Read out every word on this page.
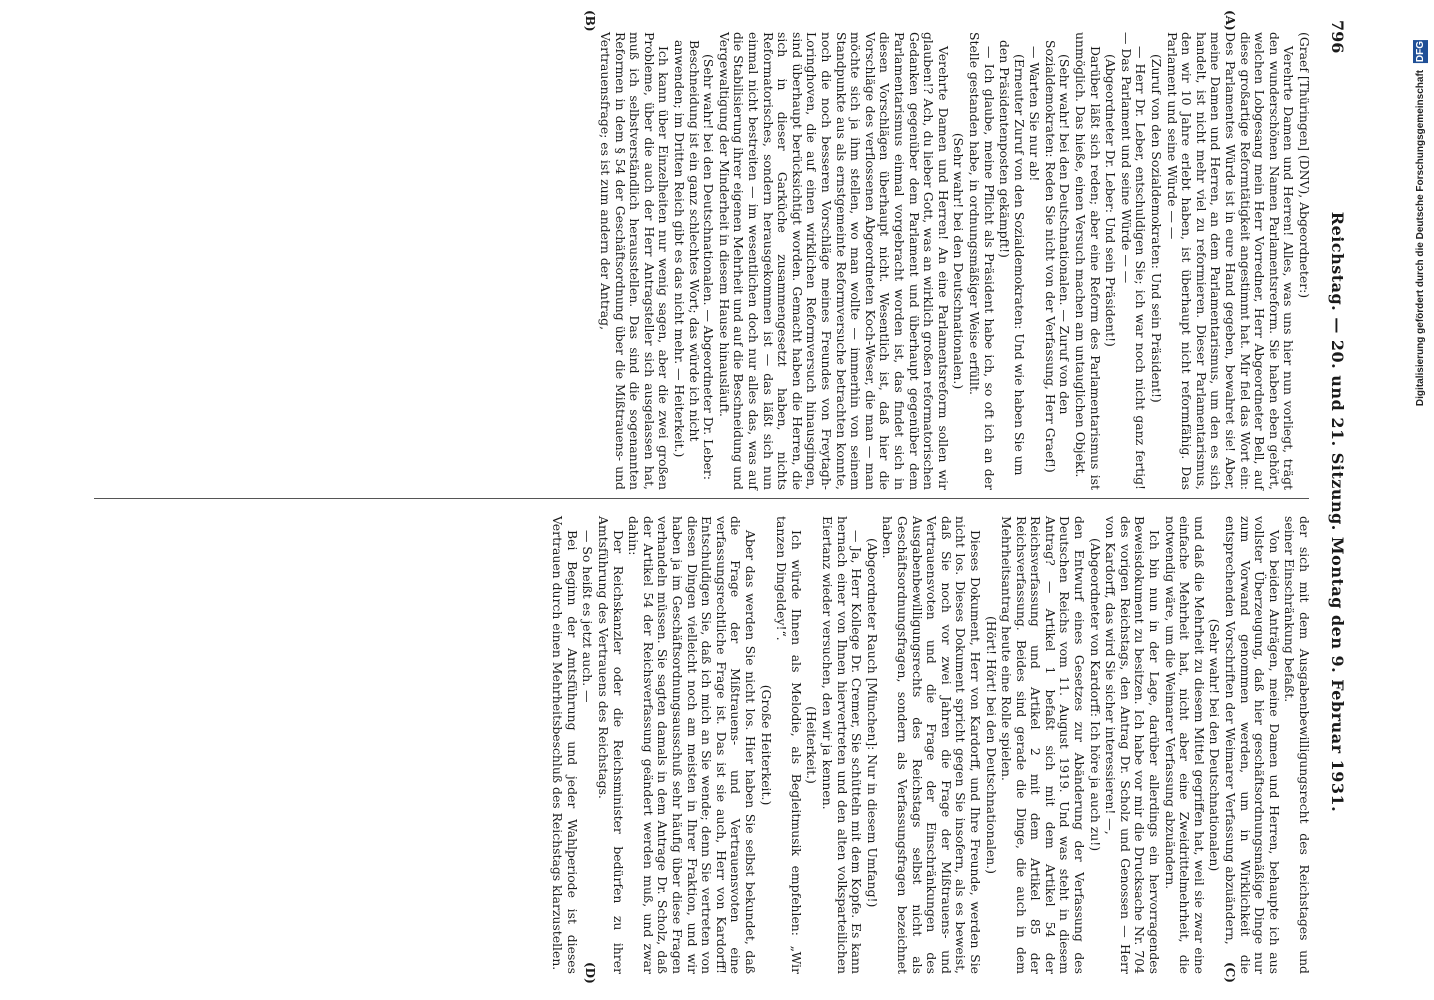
796
Reichstag. — 20. und 21. Sitzung. Montag den 9. Februar 1931.
(A)
(B)
(C)
(D)

(Graef [Thüringen] (DNV), Abgeordneter:)

Verehrte Damen und Herren! Alles, was uns hier nun vorliegt, trägt den wunderschönen Namen Parlamentsreform. Sie haben eben gehört, welchen Lobgesang mein Herr Vorredner, Herr Abgeordneter Bell, auf diese großartige Reformtätigkeit angestimmt hat. Mir fiel das Wort ein: Des Parlamentes Würde ist in eure Hand gegeben, bewahret sie! Aber, meine Damen und Herren, an dem Parlamentarismus, um den es sich handelt, ist nicht mehr viel zu reformieren. Dieser Parlamentarismus, den wir 10 Jahre erlebt haben, ist überhaupt nicht reformfähig. Das Parlament und seine Würde — —

(Zuruf von den Sozialdemokraten: Und sein Präsident!)

— Herr Dr. Leber, entschuldigen Sie; ich war noch nicht ganz fertig! — Das Parlament und seine Würde — —

(Abgeordneter Dr. Leber: Und sein Präsident!)

Darüber läßt sich reden; aber eine Reform des Parlamentarismus ist unmöglich. Das hieße, einen Versuch machen am untauglichen Objekt.

(Sehr wahr! bei den Deutschnationalen. — Zuruf von den Sozialdemokraten: Reden Sie nicht von der Verfassung, Herr Graef!)

— Warten Sie nur ab!

(Erneuter Zuruf von den Sozialdemokraten: Und wie haben Sie um den Präsidentenposten gekämpft!)

— Ich glaube, meine Pflicht als Präsident habe ich, so oft ich an der Stelle gestanden habe, in ordnungsmäßiger Weise erfüllt.

(Sehr wahr! bei den Deutschnationalen.)

Verehrte Damen und Herren! An eine Parlamentsreform sollen wir glauben!? Ach, du lieber Gott, was an wirklich großen reformatorischen Gedanken gegenüber dem Parlament und überhaupt gegenüber dem Parlamentarismus einmal vorgebracht worden ist, das findet sich in diesen Vorschlägen überhaupt nicht. Wesentlich ist, daß hier die Vorschläge des verflossenen Abgeordneten Koch-Weser, die man — man möchte sich ja ihm stellen, wo man wollte — immerhin von seinem Standpunkte aus als ernstgemeinte Reformversuche betrachten konnte, noch die noch besseren Vorschläge meines Freundes von Freytagh-Loringhoven, die auf einen wirklichen Reformversuch hinausgingen, sind überhaupt berücksichtigt worden. Gemacht haben die Herren, die sich in dieser Garküche zusammengesetzt haben, nichts Reformatorisches, sondern herausgekommen ist — das läßt sich nun einmal nicht bestreiten — im wesentlichen doch nur alles das, was auf die Stabilisierung ihrer eigenen Mehrheit und auf die Beschneidung und Vergewaltigung der Minderheit in diesem Hause hinausläuft.

(Sehr wahr! bei den Deutschnationalen. — Abgeordneter Dr. Leber: Beschneidung ist ein ganz schlechtes Wort; das würde ich nicht anwenden; im Dritten Reich gibt es das nicht mehr. — Heiterkeit.)

Ich kann über Einzelheiten nur wenig sagen, aber die zwei großen Probleme, über die auch der Herr Antragsteller sich ausgelassen hat, muß ich selbstverständlich herausstellen. Das sind die sogenannten Reformen in dem § 54 der Geschäftsordnung über die Mißtrauens- und Vertrauensfrage; es ist zum andern der Antrag,

der sich mit dem Ausgabenbewilligungsrecht des Reichstages und seiner Einschränkung befaßt.

Von beiden Anträgen, meine Damen und Herren, behaupte ich aus vollster Überzeugung, daß hier geschäftsordnungsmäßige Dinge nur zum Vorwand genommen werden, um in Wirklichkeit die entsprechenden Vorschriften der Weimarer Verfassung abzuändern,

(Sehr wahr! bei den Deutschnationalen)

und daß die Mehrheit zu diesem Mittel gegriffen hat, weil sie zwar eine einfache Mehrheit hat, nicht aber eine Zweidrittelmehrheit, die notwendig wäre, um die Weimarer Verfassung abzuändern.

Ich bin nun in der Lage, darüber allerdings ein hervorragendes Beweisdokument zu besitzen. Ich habe vor mir die Drucksache Nr. 704 des vorigen Reichstags, den Antrag Dr. Scholz und Genossen — Herr von Kardorff, das wird Sie sicher interessieren! —,

(Abgeordneter von Kardorff: Ich höre ja auch zu!)

den Entwurf eines Gesetzes zur Abänderung der Verfassung des Deutschen Reichs vom 11. August 1919. Und was steht in diesem Antrag? — Artikel 1 befaßt sich mit dem Artikel 54 der Reichsverfassung und Artikel 2 mit dem Artikel 85 der Reichsverfassung. Beides sind gerade die Dinge, die auch in dem Mehrheitsantrag heute eine Rolle spielen.

(Hört! Hört! bei den Deutschnationalen.)

Dieses Dokument, Herr von Kardorff, und Ihre Freunde, werden Sie nicht los. Dieses Dokument spricht gegen Sie insofern, als es beweist, daß Sie noch vor zwei Jahren die Frage der Mißtrauens- und Vertrauensvoten und die Frage der Einschränkungen des Ausgabenbewilligungsrechts des Reichstags selbst nicht als Geschäftsordnungsfragen, sondern als Verfassungsfragen bezeichnet haben.

(Abgeordneter Rauch [München]: Nur in diesem Umfang!)

— Ja, Herr Kollege Dr. Cremer, Sie schütteln mit dem Kopfe. Es kann hernach einer von Ihnen hiervertreten und den alten volksparteilichen Eiertanz wieder versuchen, den wir ja kennen.

(Heiterkeit.)

Ich würde Ihnen als Melodie, als Begleitmusik empfehlen: „Wir tanzen Dingeldey!“.

(Große Heiterkeit.)

Aber das werden Sie nicht los. Hier haben Sie selbst bekundet, daß die Frage der Mißtrauens- und Vertrauensvoten eine verfassungsrechtliche Frage ist. Das ist sie auch, Herr von Kardorff! Entschuldigen Sie, daß ich mich an Sie wende; denn Sie vertreten von diesen Dingen vielleicht noch am meisten in Ihrer Fraktion, und wir haben ja im Geschäftsordnungsausschuß sehr häufig über diese Fragen verhandeln müssen. Sie sagten damals in dem Antrage Dr. Scholz, daß der Artikel 54 der Reichsverfassung geändert werden muß, und zwar dahin:

Der Reichskanzler oder die Reichsminister bedürfen zu ihrer Amtsführung des Vertrauens des Reichstags.

— So heißt es jetzt auch. —

Bei Beginn der Amtsführung und jeder Wahlperiode ist dieses Vertrauen durch einen Mehrheitsbeschluß des Reichstags klarzustellen.

Digitalisierung gefördert durch die Deutsche Forschungsgemeinschaft DFG
